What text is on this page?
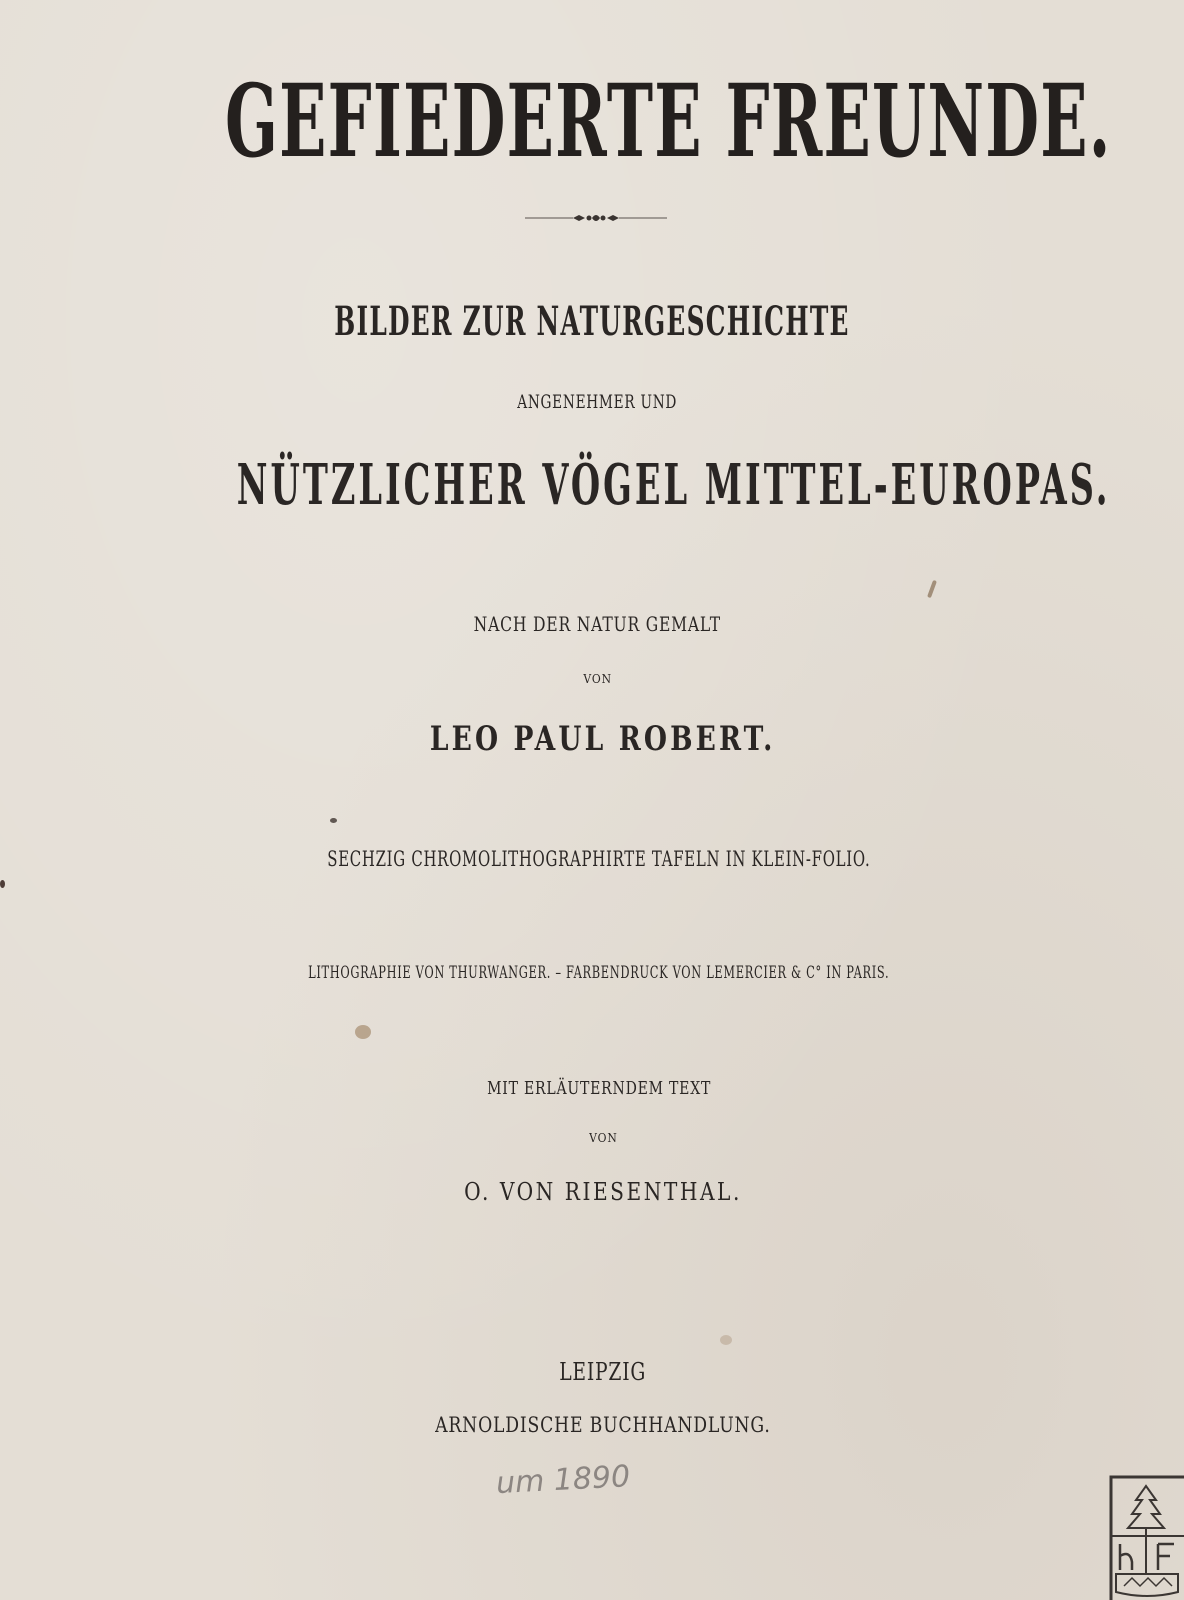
GEFIEDERTE FREUNDE.
BILDER ZUR NATURGESCHICHTE
ANGENEHMER UND
NÜTZLICHER VÖGEL MITTEL-EUROPAS.
NACH DER NATUR GEMALT
VON
LEO PAUL ROBERT.
SECHZIG CHROMOLITHOGRAPHIRTE TAFELN IN KLEIN-FOLIO.
LITHOGRAPHIE VON THURWANGER. – FARBENDRUCK VON LEMERCIER & C° IN PARIS.
MIT ERLÄUTERNDEM TEXT
VON
O. VON RIESENTHAL.
LEIPZIG
ARNOLDISCHE BUCHHANDLUNG.
um 1890
